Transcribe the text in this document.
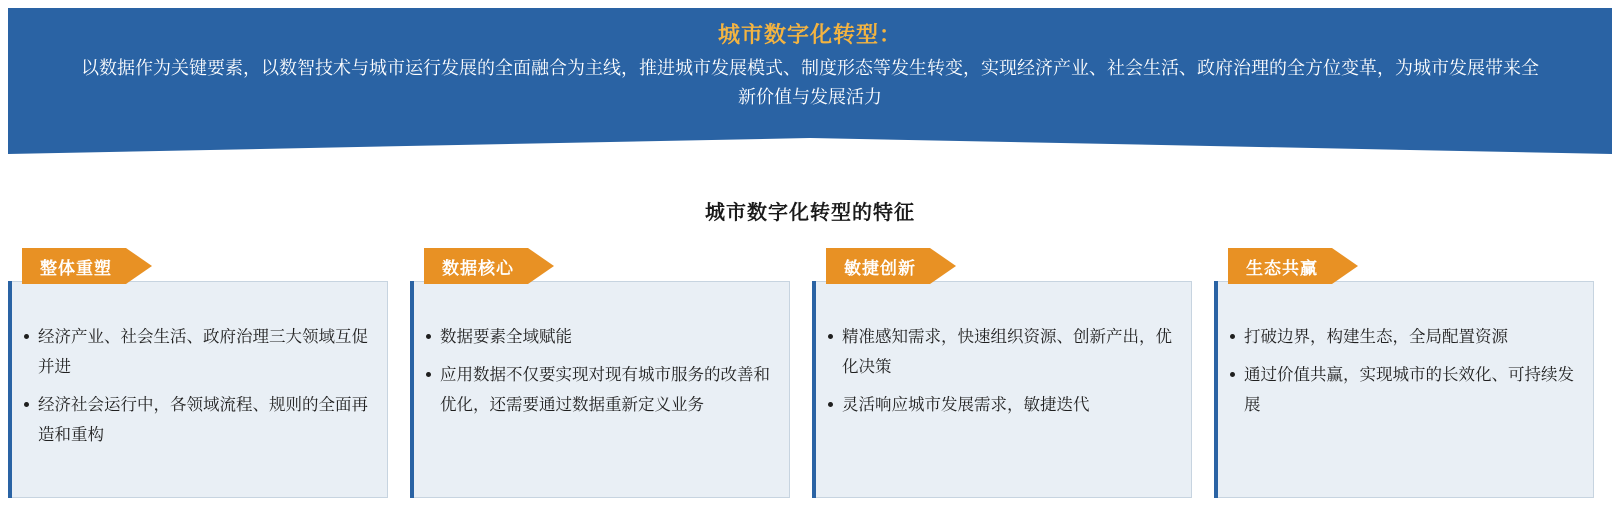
城市数字化转型：
以数据作为关键要素，以数智技术与城市运行发展的全面融合为主线，推进城市发展模式、制度形态等发生转变，实现经济产业、社会生活、政府治理的全方位变革，为城市发展带来全新价值与发展活力
城市数字化转型的特征
整体重塑
经济产业、社会生活、政府治理三大领域互促并进
经济社会运行中，各领域流程、规则的全面再造和重构
数据核心
数据要素全域赋能
应用数据不仅要实现对现有城市服务的改善和优化，还需要通过数据重新定义业务
敏捷创新
精准感知需求，快速组织资源、创新产出，优化决策
灵活响应城市发展需求，敏捷迭代
生态共赢
打破边界，构建生态，全局配置资源
通过价值共赢，实现城市的长效化、可持续发展
